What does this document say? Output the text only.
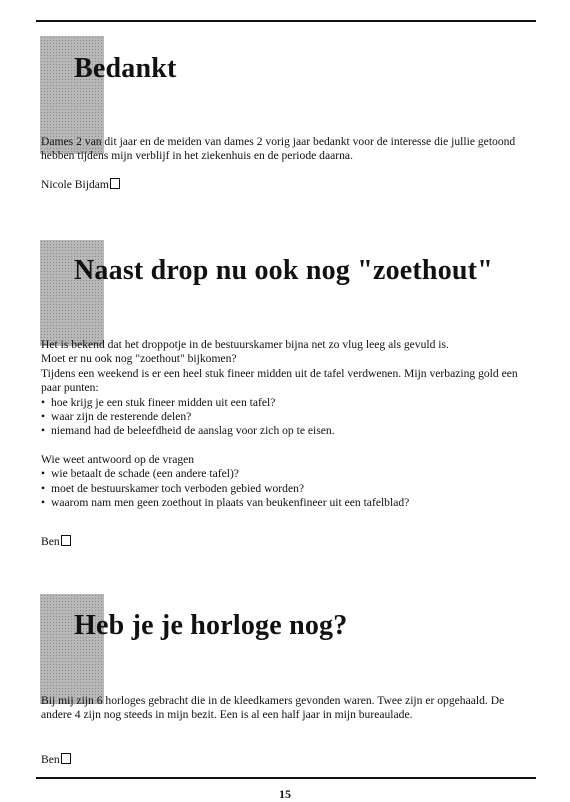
Bedankt

Dames 2 van dit jaar en de meiden van dames 2 vorig jaar bedankt voor de interesse die jullie getoond hebben tijdens mijn verblijf in het ziekenhuis en de periode daarna.

Nicole Bijdam

Naast drop nu ook nog "zoethout"
Het is bekend dat het droppotje in de bestuurskamer bijna net zo vlug leeg als gevuld is.
Moet er nu ook nog "zoethout" bijkomen?
Tijdens een weekend is er een heel stuk fineer midden uit de tafel verdwenen. Mijn verbazing gold een paar punten:
• hoe krijg je een stuk fineer midden uit een tafel?
• waar zijn de resterende delen?
• niemand had de beleefdheid de aanslag voor zich op te eisen.
Wie weet antwoord op de vragen
• wie betaalt de schade (een andere tafel)?
• moet de bestuurskamer toch verboden gebied worden?
• waarom nam men geen zoethout in plaats van beukenfineer uit een tafelblad?

Ben

Heb je je horloge nog?

Bij mij zijn 6 horloges gebracht die in de kleedkamers gevonden waren. Twee zijn er opgehaald. De andere 4 zijn nog steeds in mijn bezit. Een is al een half jaar in mijn bureaulade.

Ben

15
